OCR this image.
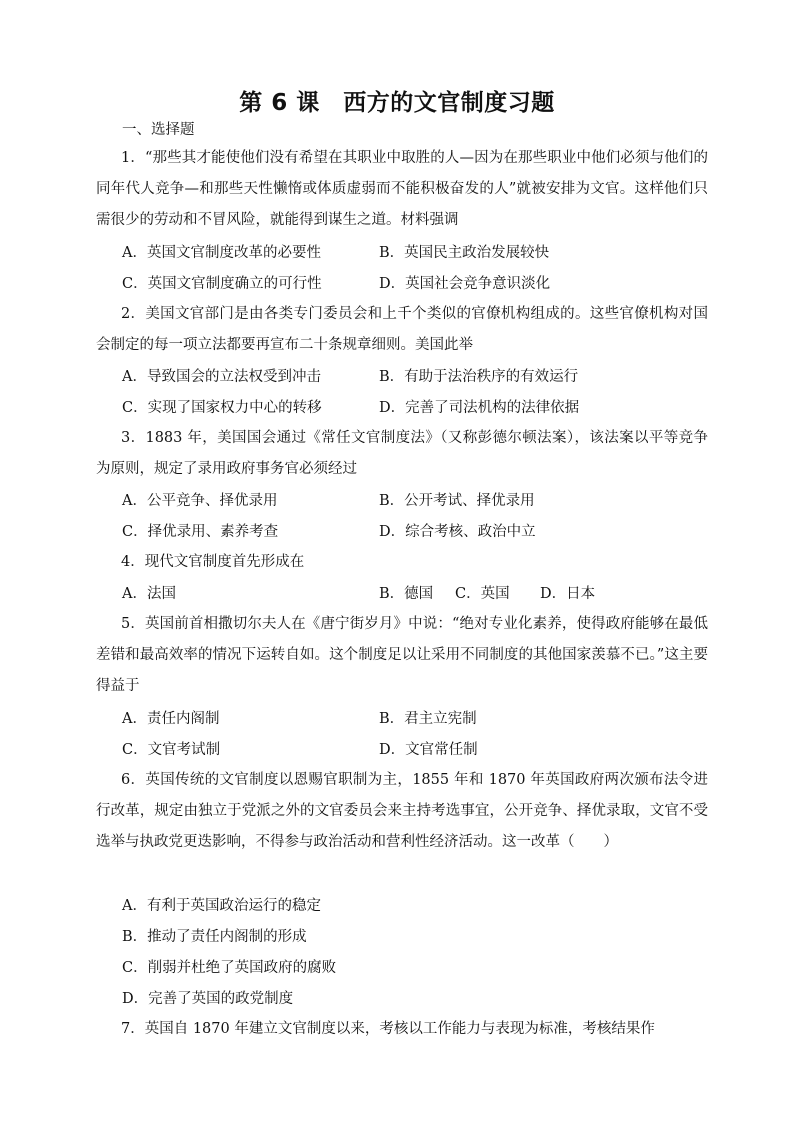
第 6 课　西方的文官制度习题
一、选择题

1．“那些其才能使他们没有希望在其职业中取胜的人—因为在那些职业中他们必须与他们的同年代人竞争—和那些天性懒惰或体质虚弱而不能积极奋发的人”就被安排为文官。这样他们只需很少的劳动和不冒风险，就能得到谋生之道。材料强调

A．英国文官制度改革的必要性	B．英国民主政治发展较快
C．英国文官制度确立的可行性	D．英国社会竞争意识淡化

2．美国文官部门是由各类专门委员会和上千个类似的官僚机构组成的。这些官僚机构对国会制定的每一项立法都要再宣布二十条规章细则。美国此举

A．导致国会的立法权受到冲击	B．有助于法治秩序的有效运行
C．实现了国家权力中心的转移	D．完善了司法机构的法律依据

3．1883 年，美国国会通过《常任文官制度法》（又称彭德尔顿法案），该法案以平等竞争为原则，规定了录用政府事务官必须经过

A．公平竞争、择优录用	B．公开考试、择优录用
C．择优录用、素养考查	D．综合考核、政治中立

4．现代文官制度首先形成在

A．法国	B．德国 C．英国 D．日本

5．英国前首相撒切尔夫人在《唐宁街岁月》中说：“绝对专业化素养，使得政府能够在最低差错和最高效率的情况下运转自如。这个制度足以让采用不同制度的其他国家羡慕不已。”这主要得益于

A．责任内阁制	B．君主立宪制
C．文官考试制	D．文官常任制

6．英国传统的文官制度以恩赐官职制为主，1855 年和 1870 年英国政府两次颁布法令进行改革，规定由独立于党派之外的文官委员会来主持考选事宜，公开竞争、择优录取，文官不受选举与执政党更迭影响，不得参与政治活动和营利性经济活动。这一改革（　　）

A．有利于英国政治运行的稳定
B．推动了责任内阁制的形成
C．削弱并杜绝了英国政府的腐败
D．完善了英国的政党制度

7．英国自 1870 年建立文官制度以来，考核以工作能力与表现为标准，考核结果作
